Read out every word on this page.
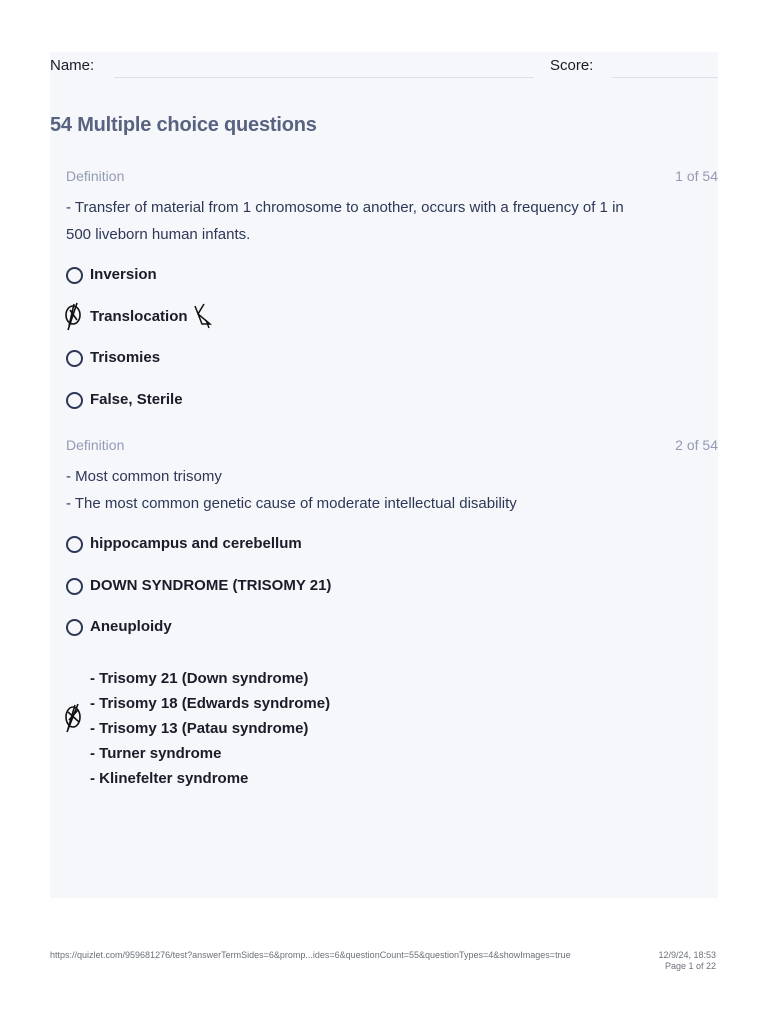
Name:	Score:
54 Multiple choice questions
Definition	1 of 54
- Transfer of material from 1 chromosome to another, occurs with a frequency of 1 in
500 liveborn human infants.
Inversion
Translocation
Trisomies
False, Sterile
Definition	2 of 54
- Most common trisomy
- The most common genetic cause of moderate intellectual disability
hippocampus and cerebellum
DOWN SYNDROME (TRISOMY 21)
Aneuploidy
- Trisomy 21 (Down syndrome)
- Trisomy 18 (Edwards syndrome)
- Trisomy 13 (Patau syndrome)
- Turner syndrome
- Klinefelter syndrome
https://quizlet.com/959681276/test?answerTermSides=6&promp...ides=6&questionCount=55&questionTypes=4&showImages=true	12/9/24, 18:53
Page 1 of 22
